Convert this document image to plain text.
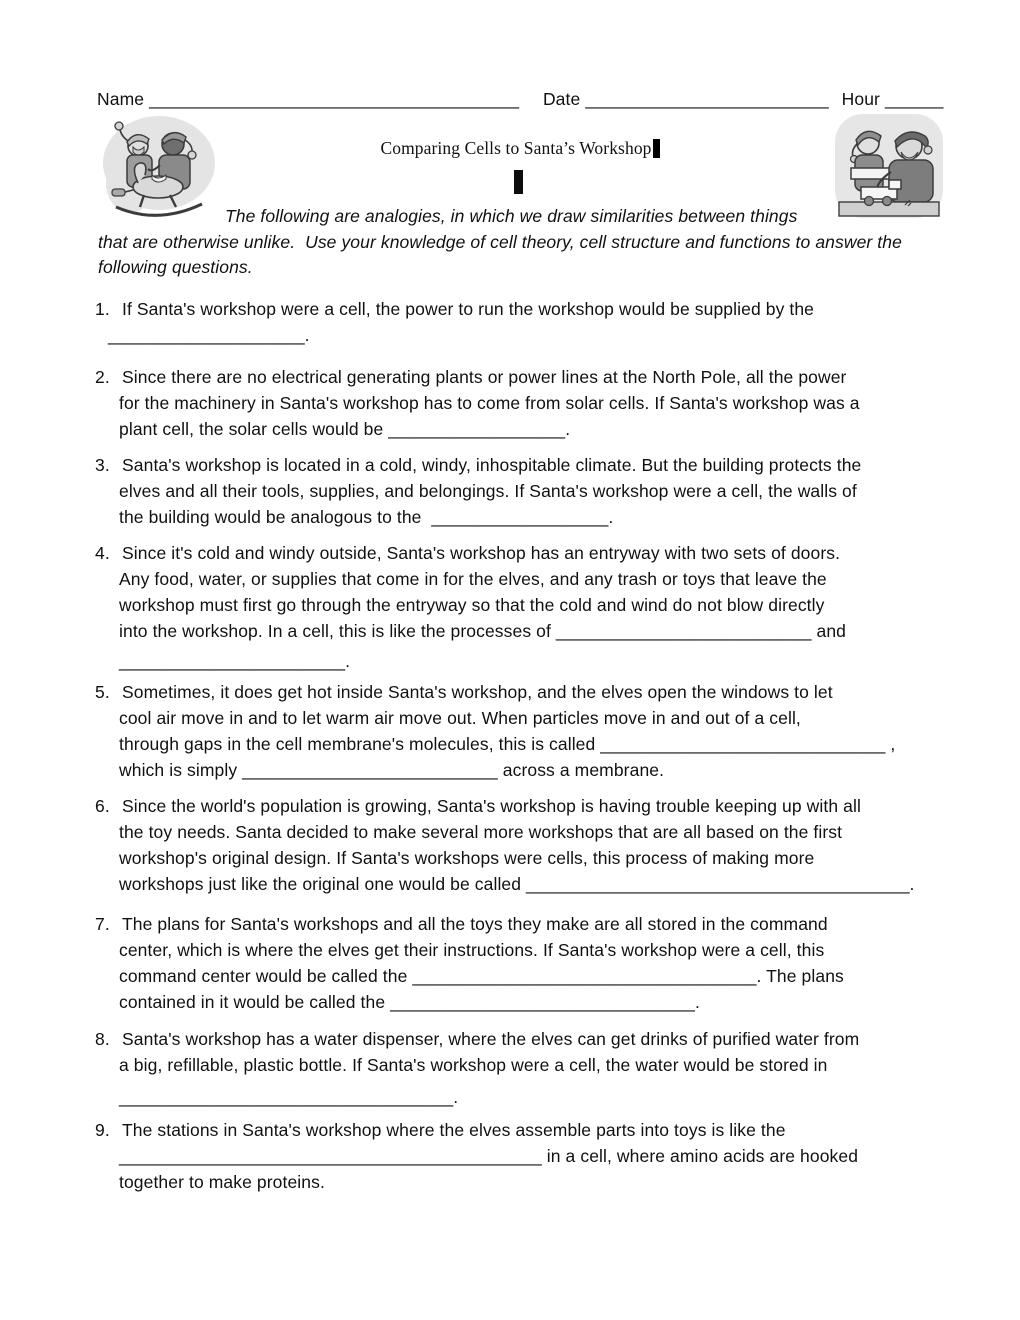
Name ______________________________________ Date _________________________ Hour ______
Comparing Cells to Santa’s Workshop
The following are analogies, in which we draw similarities between things
that are otherwise unlike.  Use your knowledge of cell theory, cell structure and functions to answer the
following questions.
1. If Santa's workshop were a cell, the power to run the workshop would be supplied by the
____________________.
2. Since there are no electrical generating plants or power lines at the North Pole, all the power
for the machinery in Santa's workshop has to come from solar cells. If Santa's workshop was a
plant cell, the solar cells would be __________________.
3. Santa's workshop is located in a cold, windy, inhospitable climate. But the building protects the
elves and all their tools, supplies, and belongings. If Santa's workshop were a cell, the walls of
the building would be analogous to the  __________________.
4. Since it's cold and windy outside, Santa's workshop has an entryway with two sets of doors.
Any food, water, or supplies that come in for the elves, and any trash or toys that leave the
workshop must first go through the entryway so that the cold and wind do not blow directly
into the workshop. In a cell, this is like the processes of __________________________ and
_______________________.
5. Sometimes, it does get hot inside Santa's workshop, and the elves open the windows to let
cool air move in and to let warm air move out. When particles move in and out of a cell,
through gaps in the cell membrane's molecules, this is called _____________________________ ,
which is simply __________________________ across a membrane.
6. Since the world's population is growing, Santa's workshop is having trouble keeping up with all
the toy needs. Santa decided to make several more workshops that are all based on the first
workshop's original design. If Santa's workshops were cells, this process of making more
workshops just like the original one would be called _______________________________________.
7. The plans for Santa's workshops and all the toys they make are all stored in the command
center, which is where the elves get their instructions. If Santa's workshop were a cell, this
command center would be called the ___________________________________. The plans
contained in it would be called the _______________________________.
8. Santa's workshop has a water dispenser, where the elves can get drinks of purified water from
a big, refillable, plastic bottle. If Santa's workshop were a cell, the water would be stored in
__________________________________.
9. The stations in Santa's workshop where the elves assemble parts into toys is like the
___________________________________________ in a cell, where amino acids are hooked
together to make proteins.
